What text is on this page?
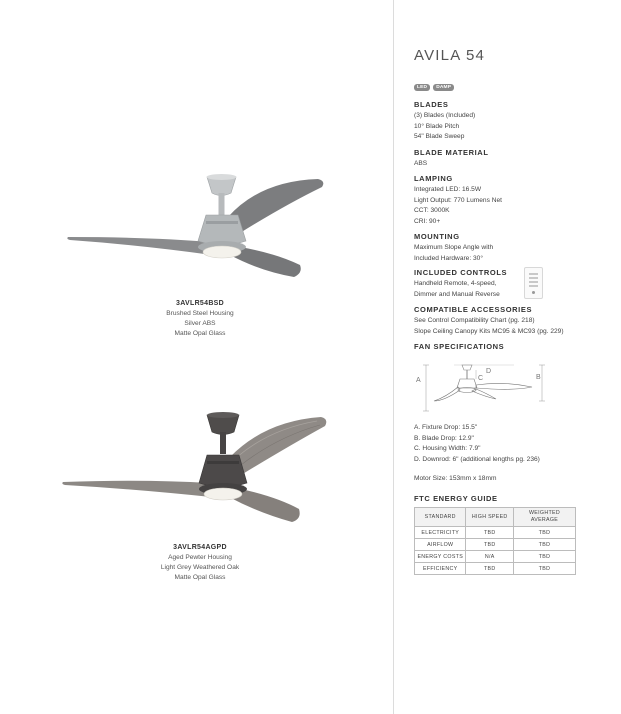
3AVLR54BSD
Brushed Steel Housing
Silver ABS
Matte Opal Glass
3AVLR54AGPD
Aged Pewter Housing
Light Grey Weathered Oak
Matte Opal Glass
AVILA 54
LED	DAMP
BLADES
(3) Blades (Included)
10° Blade Pitch
54" Blade Sweep
BLADE MATERIAL
ABS
LAMPING
Integrated LED: 16.5W
Light Output: 770 Lumens Net
CCT: 3000K
CRI: 90+
MOUNTING
Maximum Slope Angle with
Included Hardware: 30°
INCLUDED CONTROLS
Handheld Remote, 4-speed,
Dimmer and Manual Reverse
COMPATIBLE ACCESSORIES
See Control Compatibility Chart (pg. 218)
Slope Ceiling Canopy Kits MC95 & MC93 (pg. 229)
FAN SPECIFICATIONS
A	B
D
C
A. Fixture Drop: 15.5"
B. Blade Drop: 12.9"
C. Housing Width: 7.9"
D. Downrod: 6" (additional lengths pg. 236)
Motor Size: 153mm x 18mm
FTC ENERGY GUIDE
STANDARD	HIGH SPEED	WEIGHTED AVERAGE
ELECTRICITY	TBD	TBD
AIRFLOW	TBD	TBD
ENERGY COSTS	N/A	TBD
EFFICIENCY	TBD	TBD
